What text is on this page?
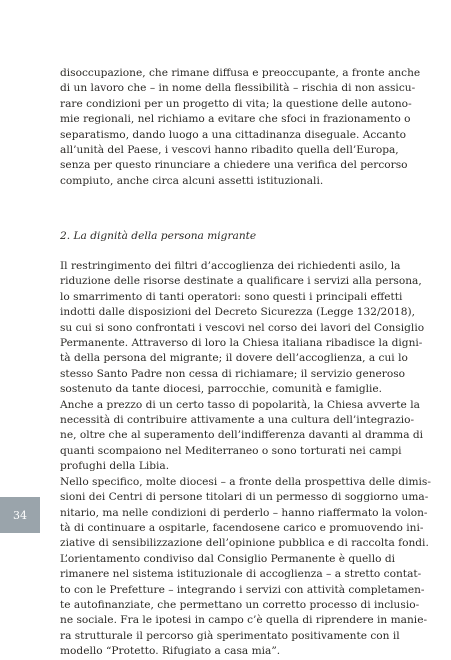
disoccupazione, che rimane diffusa e preoccupante, a fronte anche

di un lavoro che – in nome della flessibilità – rischia di non assicu-

rare condizioni per un progetto di vita; la questione delle autono-

mie regionali, nel richiamo a evitare che sfoci in frazionamento o

separatismo, dando luogo a una cittadinanza diseguale. Accanto

all’unità del Paese, i vescovi hanno ribadito quella dell’Europa,

senza per questo rinunciare a chiedere una verifica del percorso

compiuto, anche circa alcuni assetti istituzionali.

2. La dignità della persona migrante

Il restringimento dei filtri d’accoglienza dei richiedenti asilo, la

riduzione delle risorse destinate a qualificare i servizi alla persona,

lo smarrimento di tanti operatori: sono questi i principali effetti

indotti dalle disposizioni del Decreto Sicurezza (Legge 132/2018),

su cui si sono confrontati i vescovi nel corso dei lavori del Consiglio

Permanente. Attraverso di loro la Chiesa italiana ribadisce la digni-

tà della persona del migrante; il dovere dell’accoglienza, a cui lo

stesso Santo Padre non cessa di richiamare; il servizio generoso

sostenuto da tante diocesi, parrocchie, comunità e famiglie.

Anche a prezzo di un certo tasso di popolarità, la Chiesa avverte la

necessità di contribuire attivamente a una cultura dell’integrazio-

ne, oltre che al superamento dell’indifferenza davanti al dramma di

quanti scompaiono nel Mediterraneo o sono torturati nei campi

profughi della Libia.

Nello specifico, molte diocesi – a fronte della prospettiva delle dimis-

sioni dei Centri di persone titolari di un permesso di soggiorno uma-

nitario, ma nelle condizioni di perderlo – hanno riaffermato la volon-

tà di continuare a ospitarle, facendosene carico e promuovendo ini-

ziative di sensibilizzazione dell’opinione pubblica e di raccolta fondi.

L’orientamento condiviso dal Consiglio Permanente è quello di

rimanere nel sistema istituzionale di accoglienza – a stretto contat-

to con le Prefetture – integrando i servizi con attività completamen-

te autofinanziate, che permettano un corretto processo di inclusio-

ne sociale. Fra le ipotesi in campo c’è quella di riprendere in manie-

ra strutturale il percorso già sperimentato positivamente con il

modello “Protetto. Rifugiato a casa mia”.

34
